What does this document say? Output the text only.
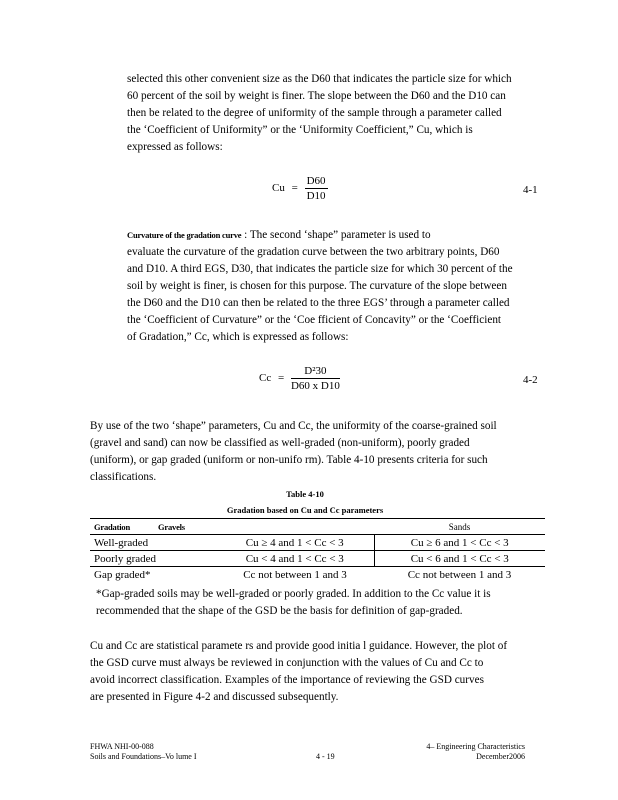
selected this other convenient size as the D60 that indicates the particle size for which

60 percent of the soil by weight is finer. The slope between the D60 and the D10 can

then be related to the degree of uniformity of the sample through a parameter called

the ‘Coefficient of Uniformity” or the ‘Uniformity Coefficient,” Cu, which is

expressed as follows:

$Cu = \frac{D60}{D10}$	4-1

Curvature of the gradation curve : The second ‘shape” parameter is used to

evaluate the curvature of the gradation curve between the two arbitrary points, D60

and D10. A third EGS, D30, that indicates the particle size for which 30 percent of the

soil by weight is finer, is chosen for this purpose. The curvature of the slope between

the D60 and the D10 can then be related to the three EGS’ through a parameter called

the ‘Coefficient of Curvature” or the ‘Coe fficient of Concavity” or the ‘Coefficient

of Gradation,” Cc, which is expressed as follows:

$Cc = \frac{\text{D²30}}{\text{D60 x D10}}$	4-2

By use of the two ‘shape” parameters, Cu and Cc, the uniformity of the coarse-grained soil

(gravel and sand) can now be classified as well-graded (non-uniform), poorly graded

(uniform), or gap graded (uniform or non-unifo rm). Table 4-10 presents criteria for such

classifications.

Table 4-10
Gradation based on Cu and Cc parameters
Gradation Gravels		Sands
Well-graded	Cu ≥ 4 and 1 < Cc < 3	Cu ≥ 6 and 1 < Cc < 3
Poorly graded	Cu < 4 and 1 < Cc < 3	Cu < 6 and 1 < Cc < 3
Gap graded*	Cc not between 1 and 3	Cc not between 1 and 3

*Gap-graded soils may be well-graded or poorly graded. In addition to the Cc value it is

recommended that the shape of the GSD be the basis for definition of gap-graded.

Cu and Cc are statistical paramete rs and provide good initia l guidance. However, the plot of

the GSD curve must always be reviewed in conjunction with the values of Cu and Cc to

avoid incorrect classification. Examples of the importance of reviewing the GSD curves

are presented in Figure 4-2 and discussed subsequently.

FHWA NHI-00-088
Soils and Foundations–Vo lume I	4 - 19
4– Engineering Characteristics
December2006
